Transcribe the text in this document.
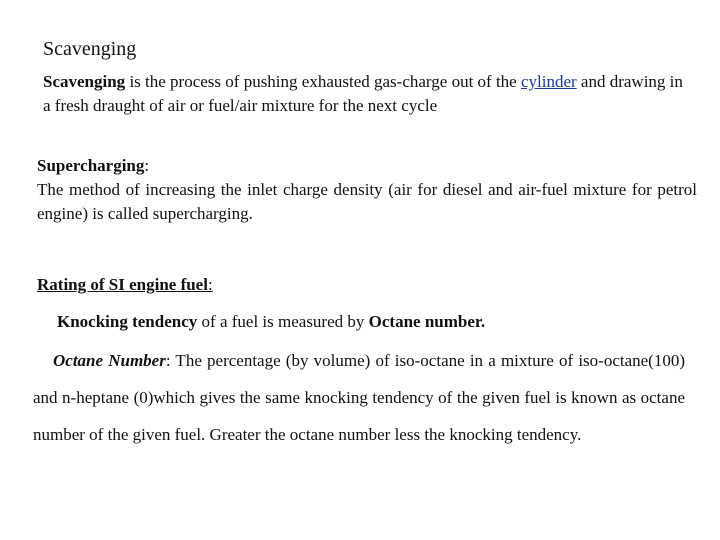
Scavenging

Scavenging is the process of pushing exhausted gas-charge out of the cylinder and drawing in a fresh draught of air or fuel/air mixture for the next cycle

Supercharging:
The method of increasing the inlet charge density (air for diesel and air-fuel mixture for petrol engine) is called supercharging.
Rating of SI engine fuel:
Knocking tendency of a fuel is measured by Octane number.
Octane Number: The percentage (by volume) of iso-octane in a mixture of iso-octane(100) and n-heptane (0)which gives the same knocking tendency of the given fuel is known as octane number of the given fuel. Greater the octane number less the knocking tendency.
